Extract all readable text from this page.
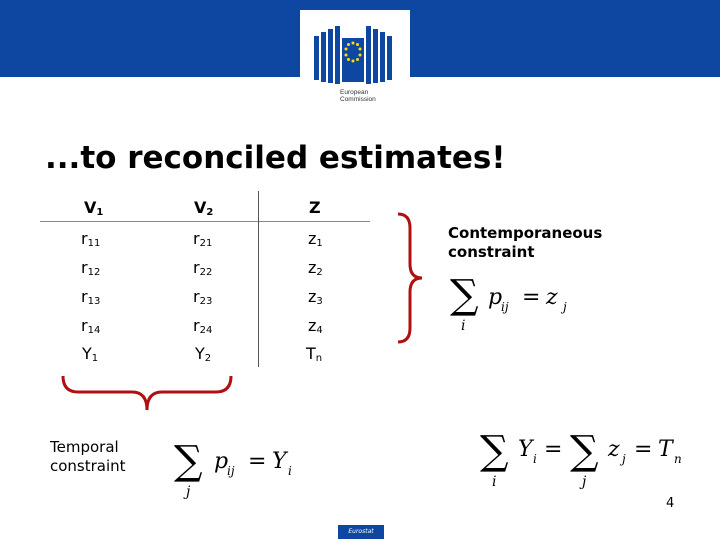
European
Commission
...to reconciled estimates!
$V_1$	$V_2$	Z
$r_{11}$	$r_{21}$	$z_1$
$r_{12}$	$r_{22}$	$z_2$
$r_{13}$	$r_{23}$	$z_3$
$r_{14}$	$r_{24}$	$z_4$
$Y_1$	$Y_2$	$T_n$
Contemporaneous
constraint
∑
i
p
ij = z j
Temporal
constraint ∑
j
p
ij = Y i	∑
i
Y i = ∑
j
z j = T n
4
Eurostat
